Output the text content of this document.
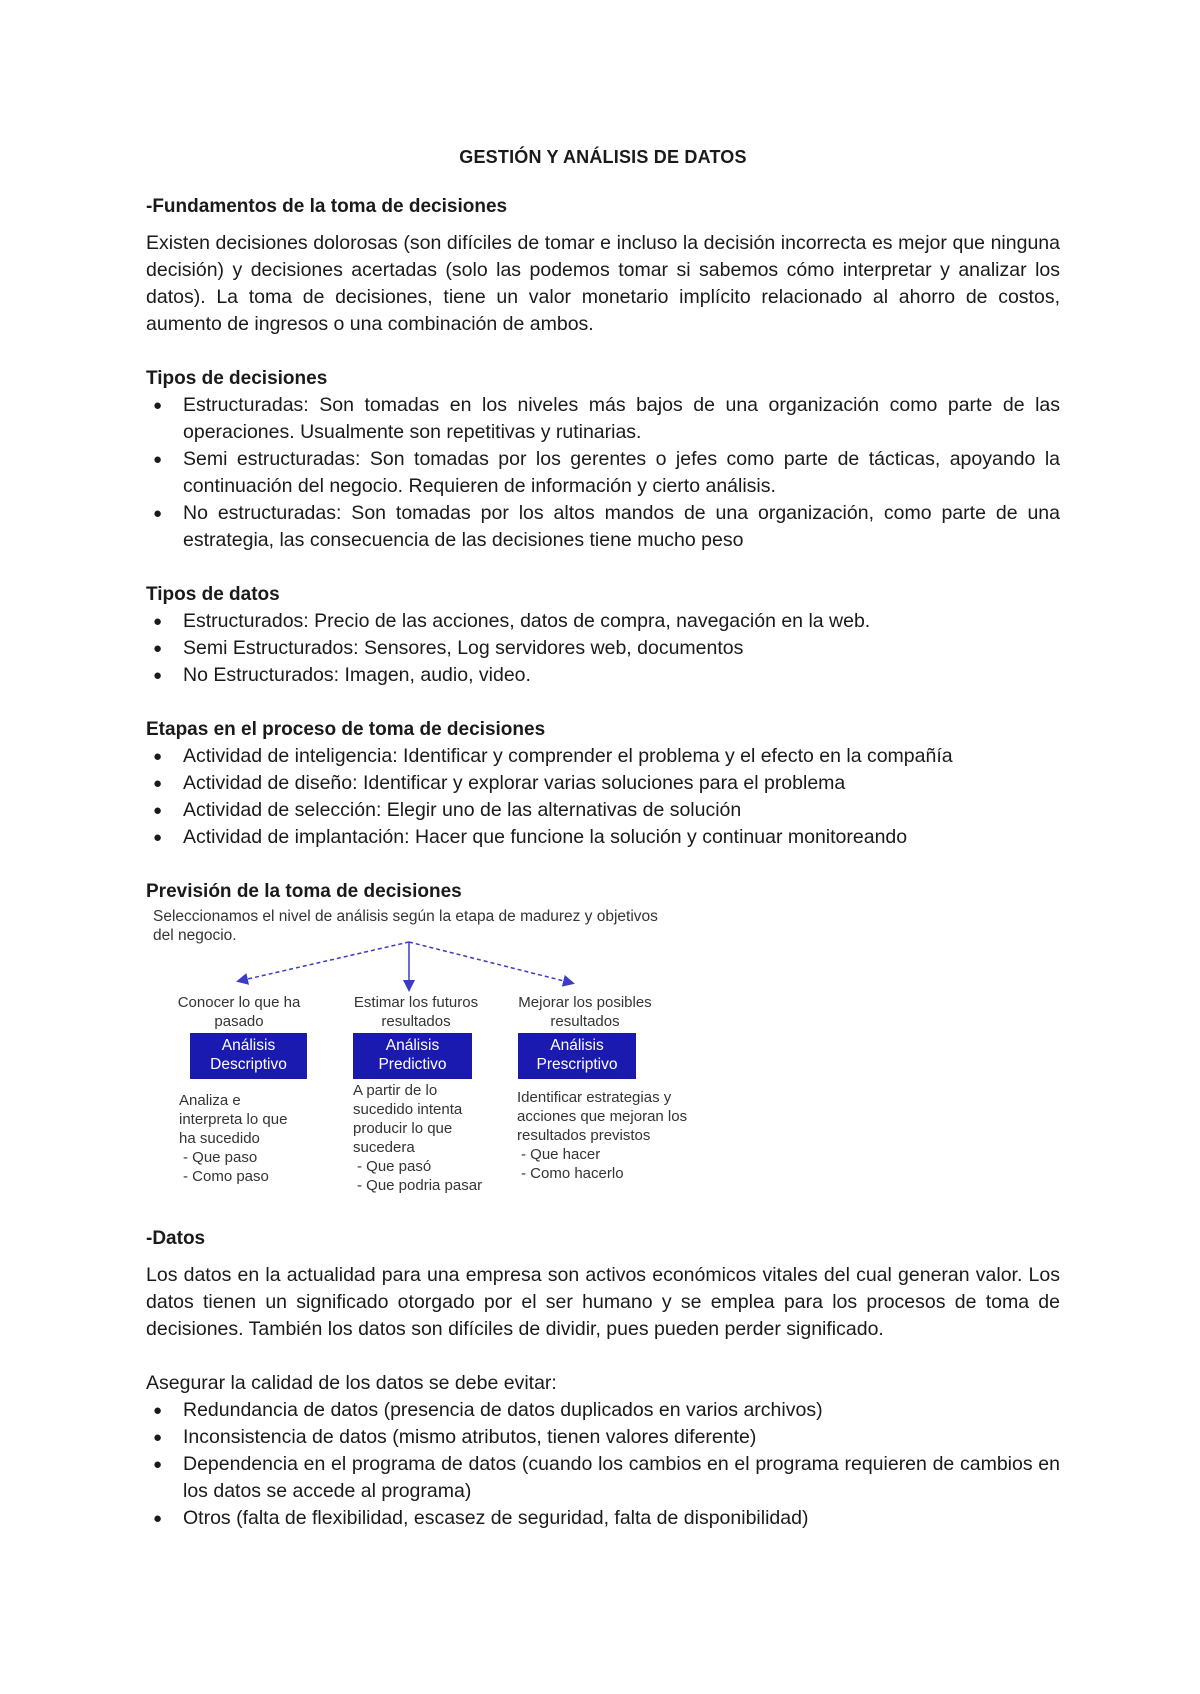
GESTIÓN Y ANÁLISIS DE DATOS
-Fundamentos de la toma de decisiones

Existen decisiones dolorosas (son difíciles de tomar e incluso la decisión incorrecta es mejor que ninguna decisión) y decisiones acertadas (solo las podemos tomar si sabemos cómo interpretar y analizar los datos). La toma de decisiones, tiene un valor monetario implícito relacionado al ahorro de costos, aumento de ingresos o una combinación de ambos.

Tipos de decisiones
● Estructuradas: Son tomadas en los niveles más bajos de una organización como parte de las operaciones. Usualmente son repetitivas y rutinarias.
● Semi estructuradas: Son tomadas por los gerentes o jefes como parte de tácticas, apoyando la continuación del negocio. Requieren de información y cierto análisis.
● No estructuradas: Son tomadas por los altos mandos de una organización, como parte de una estrategia, las consecuencia de las decisiones tiene mucho peso
Tipos de datos
● Estructurados: Precio de las acciones, datos de compra, navegación en la web.
● Semi Estructurados: Sensores, Log servidores web, documentos
● No Estructurados: Imagen, audio, video.
Etapas en el proceso de toma de decisiones
● Actividad de inteligencia: Identificar y comprender el problema y el efecto en la compañía
● Actividad de diseño: Identificar y explorar varias soluciones para el problema
● Actividad de selección: Elegir uno de las alternativas de solución
● Actividad de implantación: Hacer que funcione la solución y continuar monitoreando
Previsión de la toma de decisiones
Seleccionamos el nivel de análisis según la etapa de madurez y objetivos
del negocio.
Conocer lo que ha
pasado
Análisis
Descriptivo
Analiza e
interpreta lo que
ha sucedido
- Que paso
- Como paso
Estimar los futuros
resultados
Análisis
Predictivo
A partir de lo
sucedido intenta
producir lo que
sucedera
- Que pasó
- Que podria pasar
Mejorar los posibles
resultados
Análisis
Prescriptivo
Identificar estrategias y
acciones que mejoran los
resultados previstos
- Que hacer
- Como hacerlo
-Datos

Los datos en la actualidad para una empresa son activos económicos vitales del cual generan valor. Los datos tienen un significado otorgado por el ser humano y se emplea para los procesos de toma de decisiones. También los datos son difíciles de dividir, pues pueden perder significado.

Asegurar la calidad de los datos se debe evitar:

● Redundancia de datos (presencia de datos duplicados en varios archivos)
● Inconsistencia de datos (mismo atributos, tienen valores diferente)
● Dependencia en el programa de datos (cuando los cambios en el programa requieren de cambios en los datos se accede al programa)
● Otros (falta de flexibilidad, escasez de seguridad, falta de disponibilidad)
